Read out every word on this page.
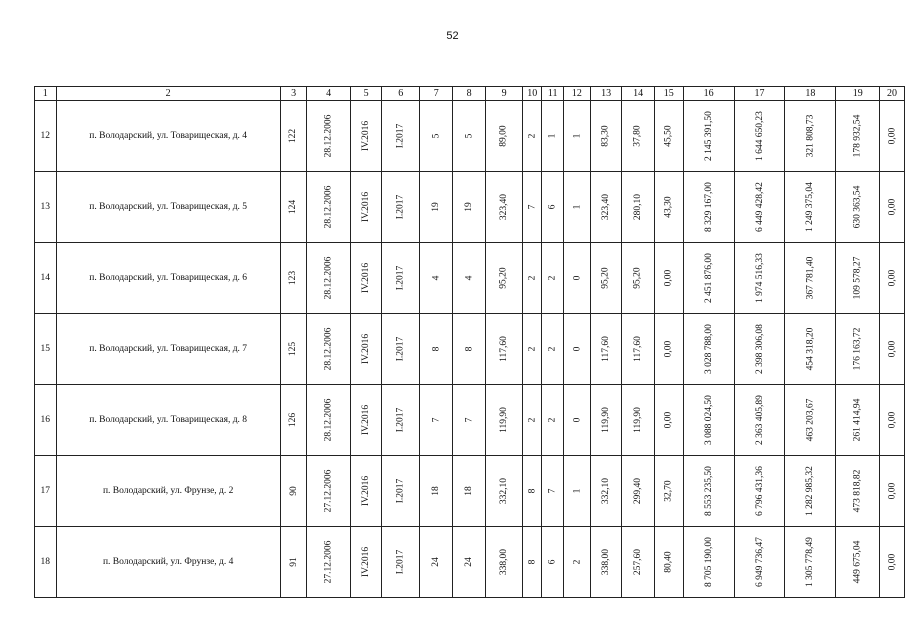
52
1	2	3	4	5	6	7	8	9	10	11	12	13	14	15	16	17	18	19	20
12	п. Володарский, ул. Товарищеская, д. 4	122	28.12.2006	IV.2016	I.2017	5	5	89,00	2	1	1	83,30	37,80	45,50	2 145 391,50	1 644 650,23	321 808,73	178 932,54	0,00
13	п. Володарский, ул. Товарищеская, д. 5	124	28.12.2006	IV.2016	I.2017	19	19	323,40	7	6	1	323,40	280,10	43,30	8 329 167,00	6 449 428,42	1 249 375,04	630 363,54	0,00
14	п. Володарский, ул. Товарищеская, д. 6	123	28.12.2006	IV.2016	I.2017	4	4	95,20	2	2	0	95,20	95,20	0,00	2 451 876,00	1 974 516,33	367 781,40	109 578,27	0,00
15	п. Володарский, ул. Товарищеская, д. 7	125	28.12.2006	IV.2016	I.2017	8	8	117,60	2	2	0	117,60	117,60	0,00	3 028 788,00	2 398 306,08	454 318,20	176 163,72	0,00
16	п. Володарский, ул. Товарищеская, д. 8	126	28.12.2006	IV.2016	I.2017	7	7	119,90	2	2	0	119,90	119,90	0,00	3 088 024,50	2 363 405,89	463 203,67	261 414,94	0,00
17	п. Володарский, ул. Фрунзе, д. 2	90	27.12.2006	IV.2016	I.2017	18	18	332,10	8	7	1	332,10	299,40	32,70	8 553 235,50	6 796 431,36	1 282 985,32	473 818,82	0,00
18	п. Володарский, ул. Фрунзе, д. 4	91	27.12.2006	IV.2016	I.2017	24	24	338,00	8	6	2	338,00	257,60	80,40	8 705 190,00	6 949 736,47	1 305 778,49	449 675,04	0,00
